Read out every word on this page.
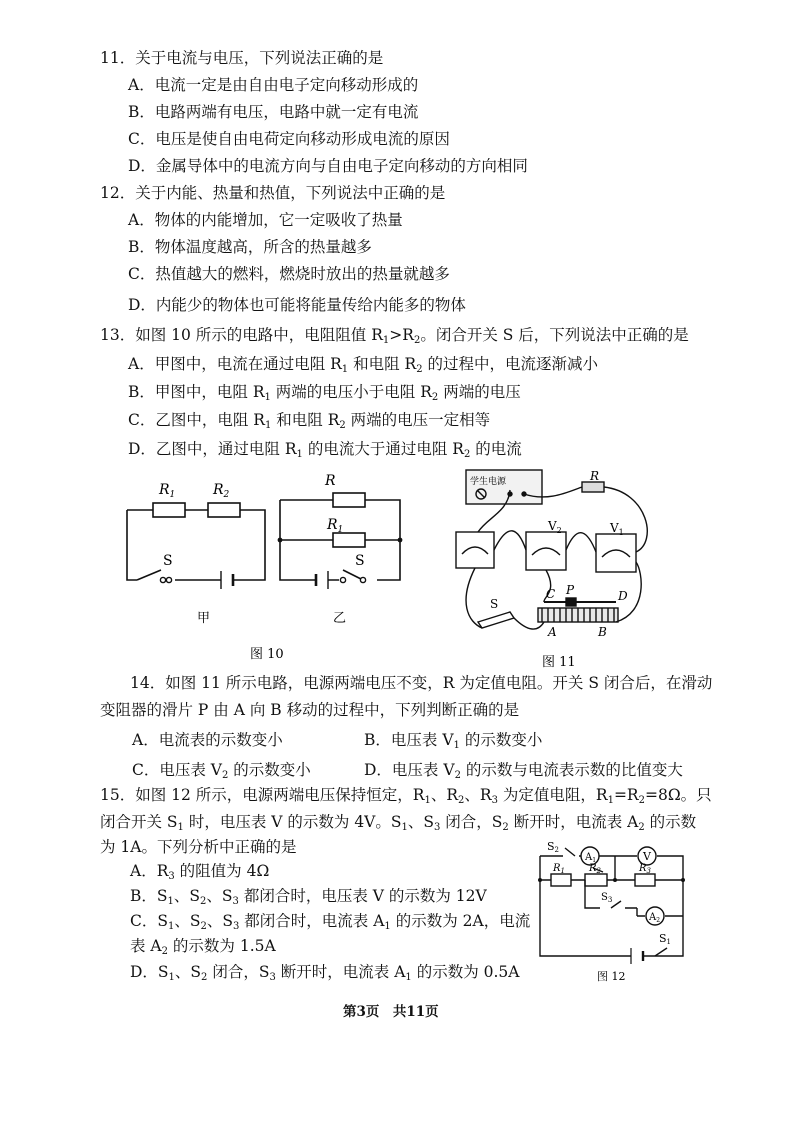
11．关于电流与电压，下列说法正确的是
A．电流一定是由自由电子定向移动形成的
B．电路两端有电压，电路中就一定有电流
C．电压是使自由电荷定向移动形成电流的原因
D．金属导体中的电流方向与自由电子定向移动的方向相同
12．关于内能、热量和热值，下列说法中正确的是
A．物体的内能增加，它一定吸收了热量
B．物体温度越高，所含的热量越多
C．热值越大的燃料，燃烧时放出的热量就越多
D．内能少的物体也可能将能量传给内能多的物体
13．如图 10 所示的电路中，电阻阻值 $R_1>R_2$。闭合开关 S 后，下列说法中正确的是
A．甲图中，电流在通过电阻 $R_1$ 和电阻 $R_2$ 的过程中，电流逐渐减小
B．甲图中，电阻 $R_1$ 两端的电压小于电阻 $R_2$ 两端的电压
C．乙图中，电阻 $R_1$ 和电阻 $R_2$ 两端的电压一定相等
D．乙图中，通过电阻 $R_1$ 的电流大于通过电阻 $R_2$ 的电流
$R_1$	$R_2$
S
R
$R_1$
S
甲	乙
图 10
学生电源	R
$V_2$	$V_1$
S
C P	D
A	B
图 11
14．如图 11 所示电路，电源两端电压不变，R 为定值电阻。开关 S 闭合后，在滑动
变阻器的滑片 P 由 A 向 B 移动的过程中，下列判断正确的是
A．电流表的示数变小	B．电压表 $V_1$ 的示数变小
C．电压表 $V_2$ 的示数变小	D．电压表 $V_2$ 的示数与电流表示数的比值变大
15．如图 12 所示，电源两端电压保持恒定，$R_1$、$R_2$、$R_3$ 为定值电阻，$R_1=R_2=8\Omega$。只
闭合开关 $S_1$ 时，电压表 V 的示数为 4V。$S_1$、$S_3$ 闭合，$S_2$ 断开时，电流表 $A_2$ 的示数
为 1A。下列分析中正确的是
A．$R_3$ 的阻值为 4Ω
B．$S_1$、$S_2$、$S_3$ 都闭合时，电压表 V 的示数为 12V
C．$S_1$、$S_2$、$S_3$ 都闭合时，电流表 $A_1$ 的示数为 2A，电流
表 $A_2$ 的示数为 1.5A
D．$S_1$、$S_2$ 闭合，$S_3$ 断开时，电流表 $A_1$ 的示数为 0.5A
S2
$A_1$	V
$R_1$ $R_2$	$R_3$
$S_3$
$A_2$
S1
图 12
第3页　共11页
